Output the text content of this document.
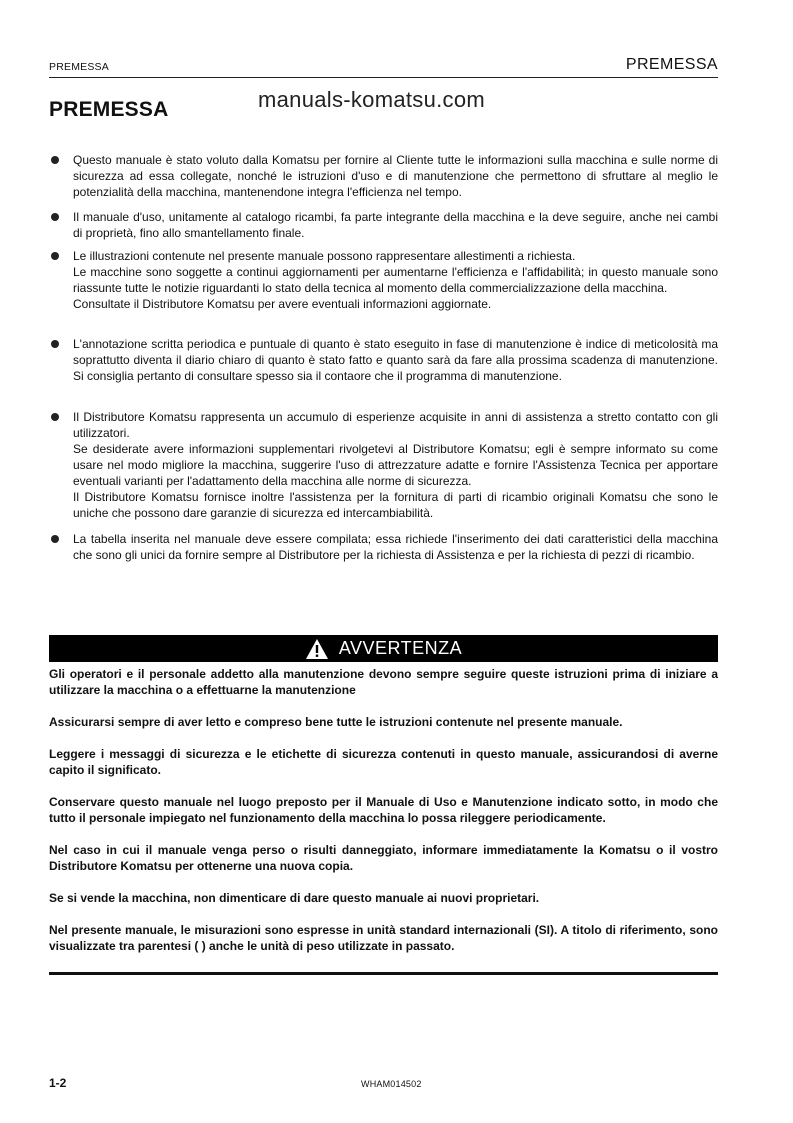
PREMESSA	PREMESSA
PREMESSA	manuals-komatsu.com
Questo manuale è stato voluto dalla Komatsu per fornire al Cliente tutte le informazioni sulla macchina e sulle norme di sicurezza ad essa collegate, nonché le istruzioni d'uso e di manutenzione che permettono di sfruttare al meglio le potenzialità della macchina, mantenendone integra l'efficienza nel tempo.
Il manuale d'uso, unitamente al catalogo ricambi, fa parte integrante della macchina e la deve seguire, anche nei cambi di proprietà, fino allo smantellamento finale.
Le illustrazioni contenute nel presente manuale possono rappresentare allestimenti a richiesta.
Le macchine sono soggette a continui aggiornamenti per aumentarne l'efficienza e l'affidabilità; in questo manuale sono riassunte tutte le notizie riguardanti lo stato della tecnica al momento della commercializzazione della macchina.
Consultate il Distributore Komatsu per avere eventuali informazioni aggiornate.
L'annotazione scritta periodica e puntuale di quanto è stato eseguito in fase di manutenzione è indice di meticolosità ma soprattutto diventa il diario chiaro di quanto è stato fatto e quanto sarà da fare alla prossima scadenza di manutenzione. Si consiglia pertanto di consultare spesso sia il contaore che il programma di manutenzione.
Il Distributore Komatsu rappresenta un accumulo di esperienze acquisite in anni di assistenza a stretto contatto con gli utilizzatori.
Se desiderate avere informazioni supplementari rivolgetevi al Distributore Komatsu; egli è sempre informato su come usare nel modo migliore la macchina, suggerire l'uso di attrezzature adatte e fornire l'Assistenza Tecnica per apportare eventuali varianti per l'adattamento della macchina alle norme di sicurezza.
Il Distributore Komatsu fornisce inoltre l'assistenza per la fornitura di parti di ricambio originali Komatsu che sono le uniche che possono dare garanzie di sicurezza ed intercambiabilità.
La tabella inserita nel manuale deve essere compilata; essa richiede l'inserimento dei dati caratteristici della macchina che sono gli unici da fornire sempre al Distributore per la richiesta di Assistenza e per la richiesta di pezzi di ricambio.
AVVERTENZA

Gli operatori e il personale addetto alla manutenzione devono sempre seguire queste istruzioni prima di iniziare a utilizzare la macchina o a effettuarne la manutenzione

Assicurarsi sempre di aver letto e compreso bene tutte le istruzioni contenute nel presente manuale.

Leggere i messaggi di sicurezza e le etichette di sicurezza contenuti in questo manuale, assicurandosi di averne capito il significato.

Conservare questo manuale nel luogo preposto per il Manuale di Uso e Manutenzione indicato sotto, in modo che tutto il personale impiegato nel funzionamento della macchina lo possa rileggere periodicamente.

Nel caso in cui il manuale venga perso o risulti danneggiato, informare immediatamente la Komatsu o il vostro Distributore Komatsu per ottenerne una nuova copia.

Se si vende la macchina, non dimenticare di dare questo manuale ai nuovi proprietari.

Nel presente manuale, le misurazioni sono espresse in unità standard internazionali (SI). A titolo di riferimento, sono visualizzate tra parentesi ( ) anche le unità di peso utilizzate in passato.

1-2	WHAM014502
